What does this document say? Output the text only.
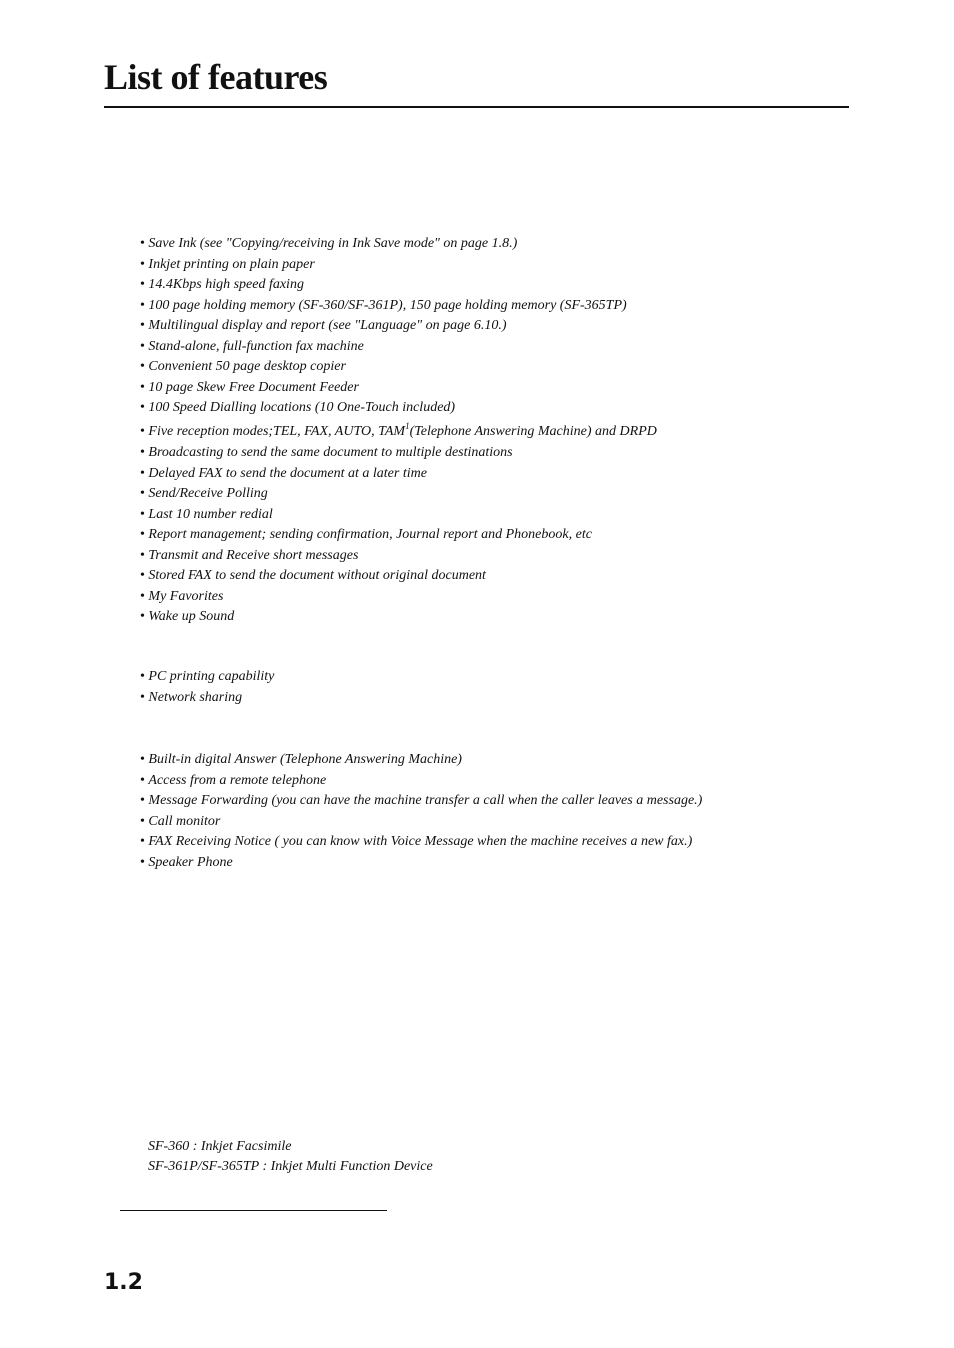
List of features
• Save Ink (see "Copying/receiving in Ink Save mode" on page 1.8.)
• Inkjet printing on plain paper
• 14.4Kbps high speed faxing
• 100 page holding memory (SF-360/SF-361P), 150 page holding memory (SF-365TP)
• Multilingual display and report (see "Language" on page 6.10.)
• Stand-alone, full-function fax machine
• Convenient 50 page desktop copier
• 10 page Skew Free Document Feeder
• 100 Speed Dialling locations (10 One-Touch included)
• Five reception modes;TEL, FAX, AUTO, TAM$^1$(Telephone Answering Machine) and DRPD
• Broadcasting to send the same document to multiple destinations
• Delayed FAX to send the document at a later time
• Send/Receive Polling
• Last 10 number redial
• Report management; sending confirmation, Journal report and Phonebook, etc
• Transmit and Receive short messages
• Stored FAX to send the document without original document
• My Favorites
• Wake up Sound
• PC printing capability
• Network sharing
• Built-in digital Answer (Telephone Answering Machine)
• Access from a remote telephone
• Message Forwarding (you can have the machine transfer a call when the caller leaves a message.)
• Call monitor
• FAX Receiving Notice ( you can know with Voice Message when the machine receives a new fax.)
• Speaker Phone
SF-360 : Inkjet Facsimile
SF-361P/SF-365TP : Inkjet Multi Function Device
1.2
